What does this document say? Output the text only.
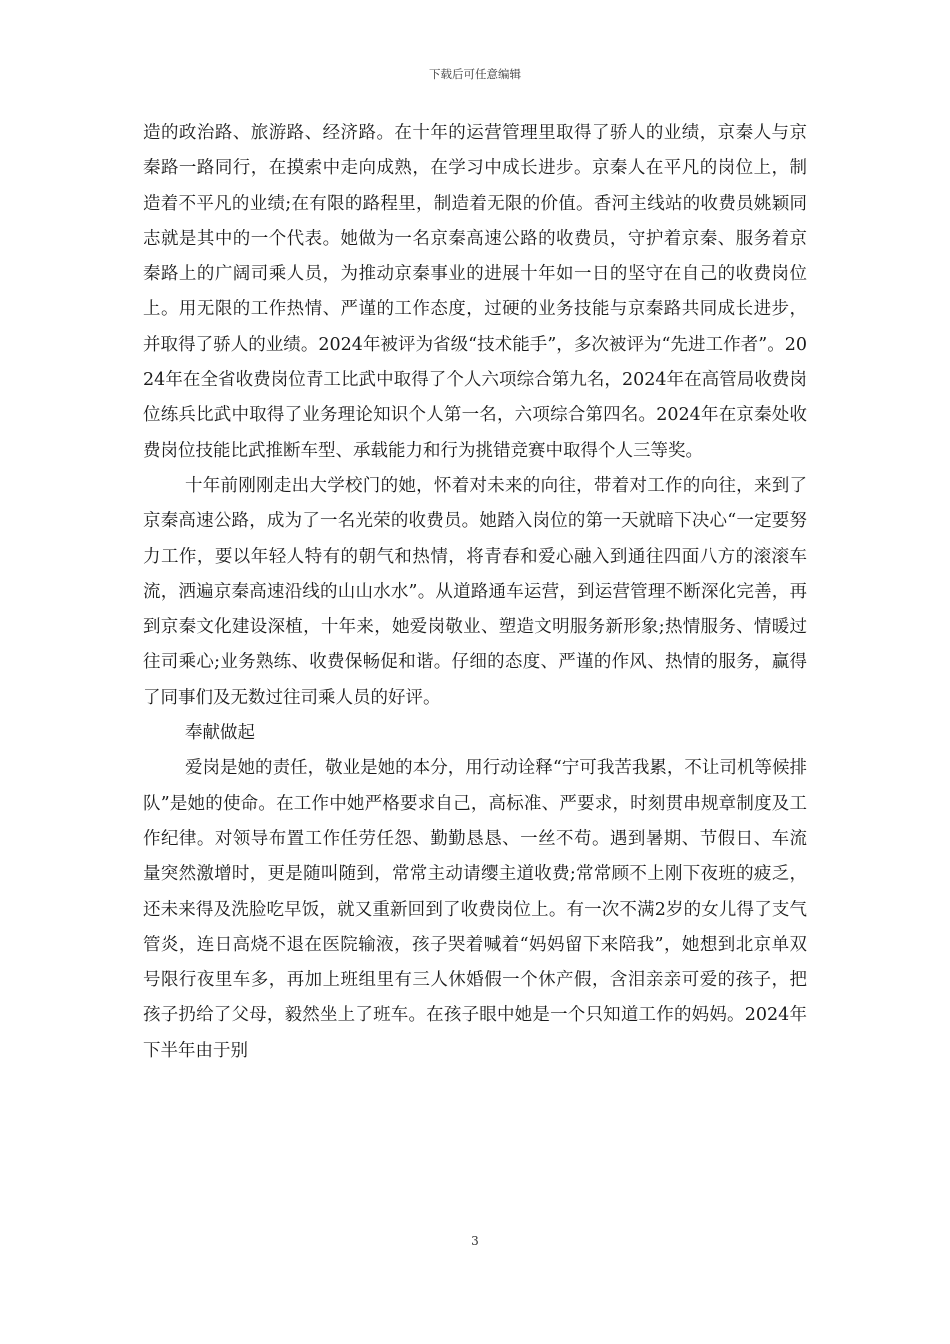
下载后可任意编辑

造的政治路、旅游路、经济路。在十年的运营管理里取得了骄人的业绩，京秦人与京秦路一路同行，在摸索中走向成熟，在学习中成长进步。京秦人在平凡的岗位上，制造着不平凡的业绩;在有限的路程里，制造着无限的价值。香河主线站的收费员姚颖同志就是其中的一个代表。她做为一名京秦高速公路的收费员，守护着京秦、服务着京秦路上的广阔司乘人员，为推动京秦事业的进展十年如一日的坚守在自己的收费岗位上。用无限的工作热情、严谨的工作态度，过硬的业务技能与京秦路共同成长进步，并取得了骄人的业绩。2024年被评为省级“技术能手”，多次被评为“先进工作者”。2024年在全省收费岗位青工比武中取得了个人六项综合第九名，2024年在高管局收费岗位练兵比武中取得了业务理论知识个人第一名，六项综合第四名。2024年在京秦处收费岗位技能比武推断车型、承载能力和行为挑错竞赛中取得个人三等奖。

十年前刚刚走出大学校门的她，怀着对未来的向往，带着对工作的向往，来到了京秦高速公路，成为了一名光荣的收费员。她踏入岗位的第一天就暗下决心“一定要努力工作，要以年轻人特有的朝气和热情，将青春和爱心融入到通往四面八方的滚滚车流，洒遍京秦高速沿线的山山水水”。从道路通车运营，到运营管理不断深化完善，再到京秦文化建设深植，十年来，她爱岗敬业、塑造文明服务新形象;热情服务、情暖过往司乘心;业务熟练、收费保畅促和谐。仔细的态度、严谨的作风、热情的服务，赢得了同事们及无数过往司乘人员的好评。

奉献做起

爱岗是她的责任，敬业是她的本分，用行动诠释“宁可我苦我累，不让司机等候排队”是她的使命。在工作中她严格要求自己，高标准、严要求，时刻贯串规章制度及工作纪律。对领导布置工作任劳任怨、勤勤恳恳、一丝不苟。遇到暑期、节假日、车流量突然激增时，更是随叫随到，常常主动请缨主道收费;常常顾不上刚下夜班的疲乏，还未来得及洗脸吃早饭，就又重新回到了收费岗位上。有一次不满2岁的女儿得了支气管炎，连日高烧不退在医院输液，孩子哭着喊着“妈妈留下来陪我”，她想到北京单双号限行夜里车多，再加上班组里有三人休婚假一个休产假，含泪亲亲可爱的孩子，把孩子扔给了父母，毅然坐上了班车。在孩子眼中她是一个只知道工作的妈妈。2024年下半年由于别

3
